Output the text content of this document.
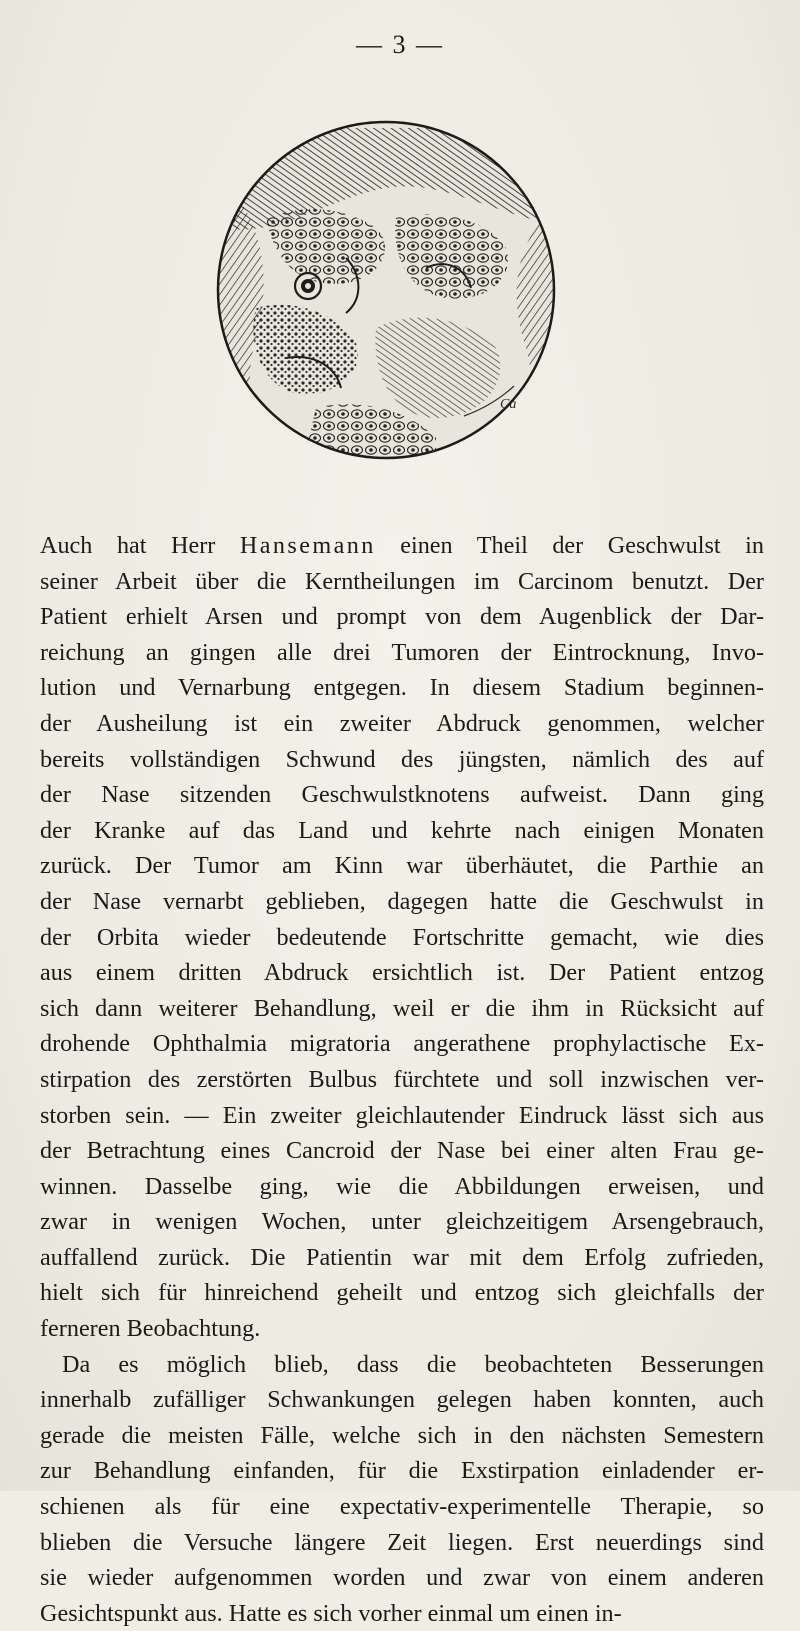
— 3 —
Ca
Auch hat Herr Hansemann einen Theil der Geschwulst in
seiner Arbeit über die Kerntheilungen im Carcinom benutzt. Der
Patient erhielt Arsen und prompt von dem Augenblick der Dar-
reichung an gingen alle drei Tumoren der Eintrocknung, Invo-
lution und Vernarbung entgegen. In diesem Stadium beginnen-
der Ausheilung ist ein zweiter Abdruck genommen, welcher
bereits vollständigen Schwund des jüngsten, nämlich des auf
der Nase sitzenden Geschwulstknotens aufweist. Dann ging
der Kranke auf das Land und kehrte nach einigen Monaten
zurück. Der Tumor am Kinn war überhäutet, die Parthie an
der Nase vernarbt geblieben, dagegen hatte die Geschwulst in
der Orbita wieder bedeutende Fortschritte gemacht, wie dies
aus einem dritten Abdruck ersichtlich ist. Der Patient entzog
sich dann weiterer Behandlung, weil er die ihm in Rücksicht auf
drohende Ophthalmia migratoria angerathene prophylactische Ex-
stirpation des zerstörten Bulbus fürchtete und soll inzwischen ver-
storben sein. — Ein zweiter gleichlautender Eindruck lässt sich aus
der Betrachtung eines Cancroid der Nase bei einer alten Frau ge-
winnen. Dasselbe ging, wie die Abbildungen erweisen, und
zwar in wenigen Wochen, unter gleichzeitigem Arsengebrauch,
auffallend zurück. Die Patientin war mit dem Erfolg zufrieden,
hielt sich für hinreichend geheilt und entzog sich gleichfalls der
ferneren Beobachtung.
Da es möglich blieb, dass die beobachteten Besserungen
innerhalb zufälliger Schwankungen gelegen haben konnten, auch
gerade die meisten Fälle, welche sich in den nächsten Semestern
zur Behandlung einfanden, für die Exstirpation einladender er-
schienen als für eine expectativ-experimentelle Therapie, so
blieben die Versuche längere Zeit liegen. Erst neuerdings sind
sie wieder aufgenommen worden und zwar von einem anderen
Gesichtspunkt aus. Hatte es sich vorher einmal um einen in-
